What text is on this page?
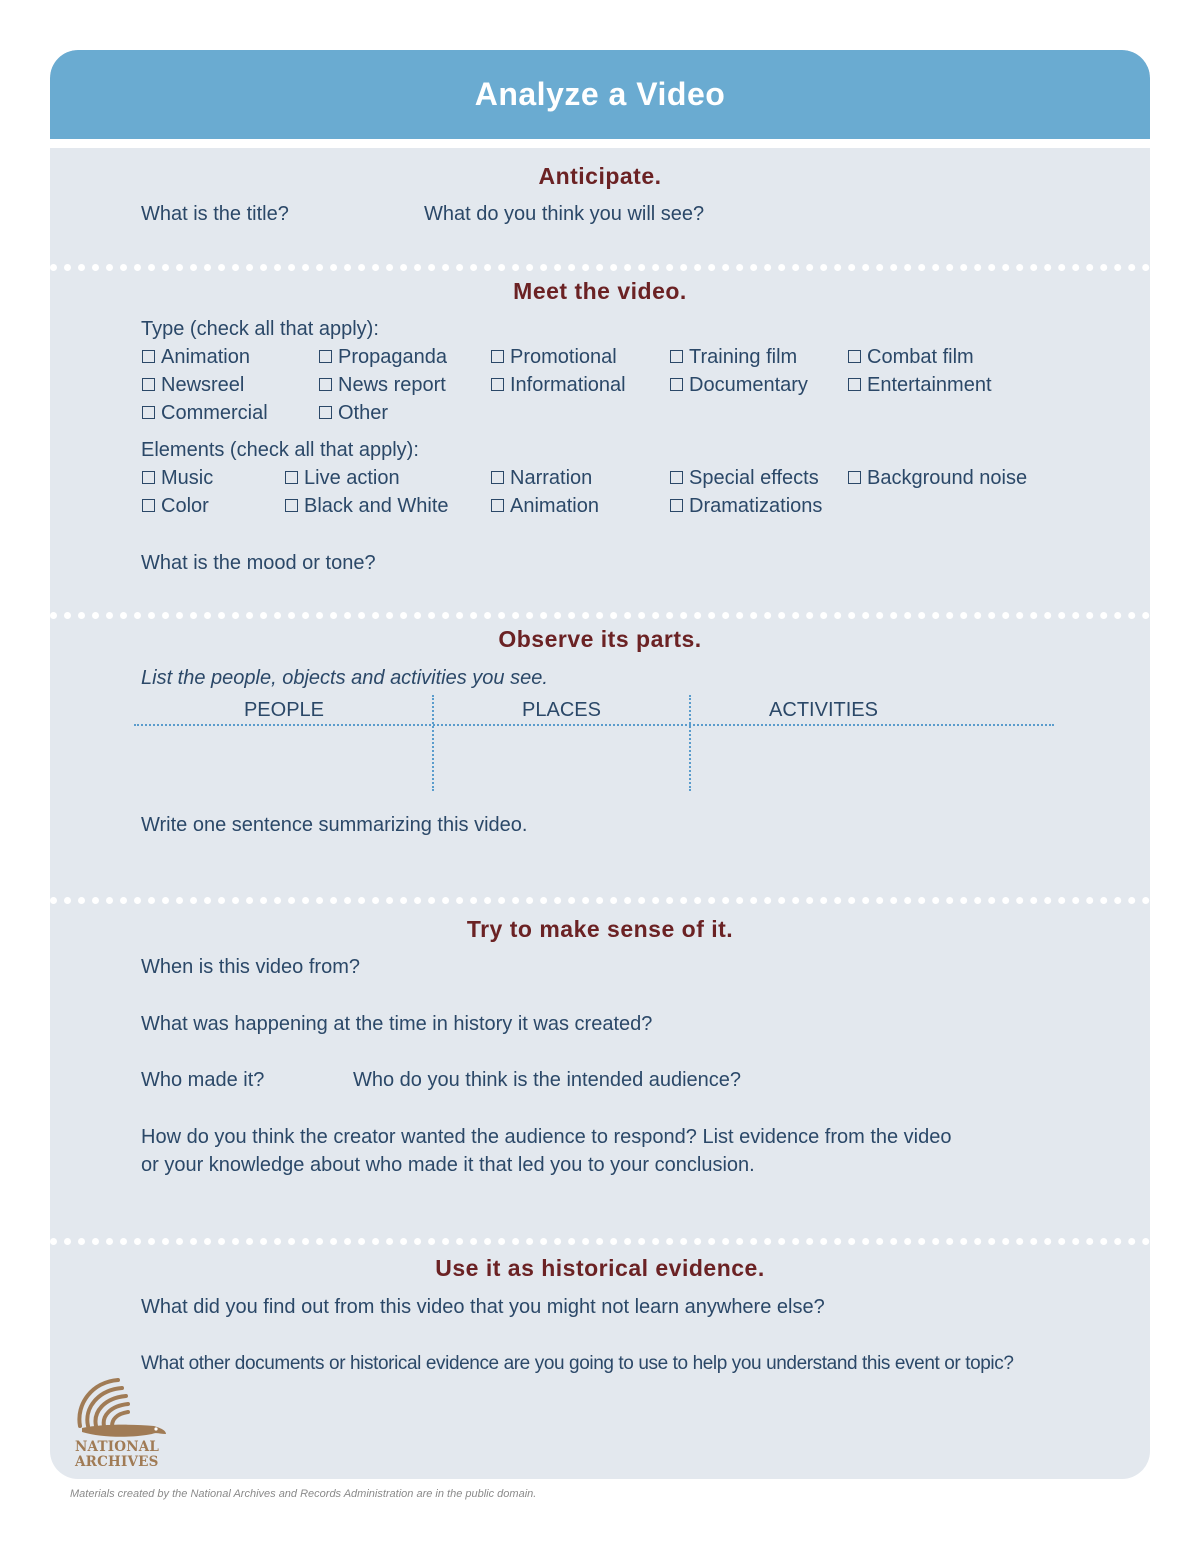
Analyze a Video
Anticipate.
What is the title?	What do you think you will see?
Meet the video.
Type (check all that apply):
Animation	Propaganda	Promotional	Training film	Combat film
Newsreel	News report	Informational	Documentary	Entertainment
Commercial	Other
Elements (check all that apply):
Music	Live action	Narration	Special effects	Background noise
Color	Black and White	Animation	Dramatizations
What is the mood or tone?
Observe its parts.
List the people, objects and activities you see.
PEOPLE	PLACES	ACTIVITIES
Write one sentence summarizing this video.
Try to make sense of it.
When is this video from?
What was happening at the time in history it was created?
Who made it?	Who do you think is the intended audience?
How do you think the creator wanted the audience to respond? List evidence from the video
or your knowledge about who made it that led you to your conclusion.
Use it as historical evidence.
What did you find out from this video that you might not learn anywhere else?
What other documents or historical evidence are you going to use to help you understand this event or topic?
NATIONAL
ARCHIVES
Materials created by the National Archives and Records Administration are in the public domain.
